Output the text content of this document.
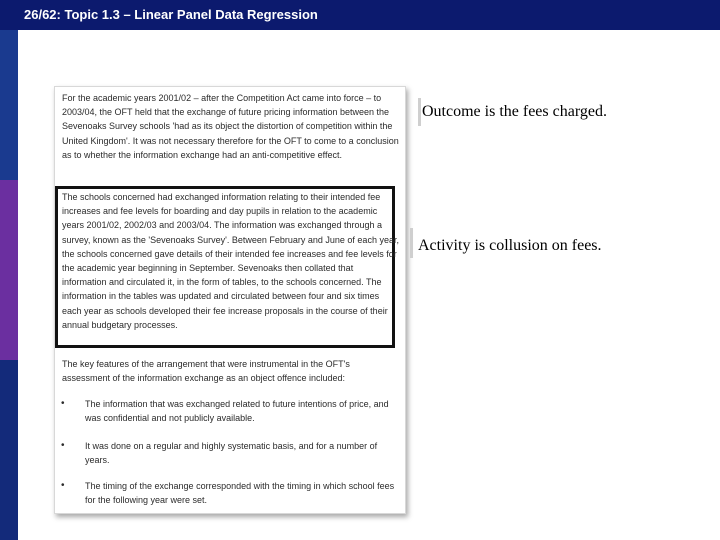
26/62: Topic 1.3 – Linear Panel Data Regression

For the academic years 2001/02 – after the Competition Act came into force – to 2003/04, the OFT held that the exchange of future pricing information between the Sevenoaks Survey schools 'had as its object the distortion of competition within the United Kingdom'. It was not necessary therefore for the OFT to come to a conclusion as to whether the information exchange had an anti-competitive effect.

The schools concerned had exchanged information relating to their intended fee increases and fee levels for boarding and day pupils in relation to the academic years 2001/02, 2002/03 and 2003/04. The information was exchanged through a survey, known as the 'Sevenoaks Survey'. Between February and June of each year, the schools concerned gave details of their intended fee increases and fee levels for the academic year beginning in September. Sevenoaks then collated that information and circulated it, in the form of tables, to the schools concerned. The information in the tables was updated and circulated between four and six times each year as schools developed their fee increase proposals in the course of their annual budgetary processes.

The key features of the arrangement that were instrumental in the OFT's assessment of the information exchange as an object offence included:

• The information that was exchanged related to future intentions of price, and was confidential and not publicly available.
• It was done on a regular and highly systematic basis, and for a number of years.
• The timing of the exchange corresponded with the timing in which school fees for the following year were set.
Outcome is the fees charged.
Activity is collusion on fees.
